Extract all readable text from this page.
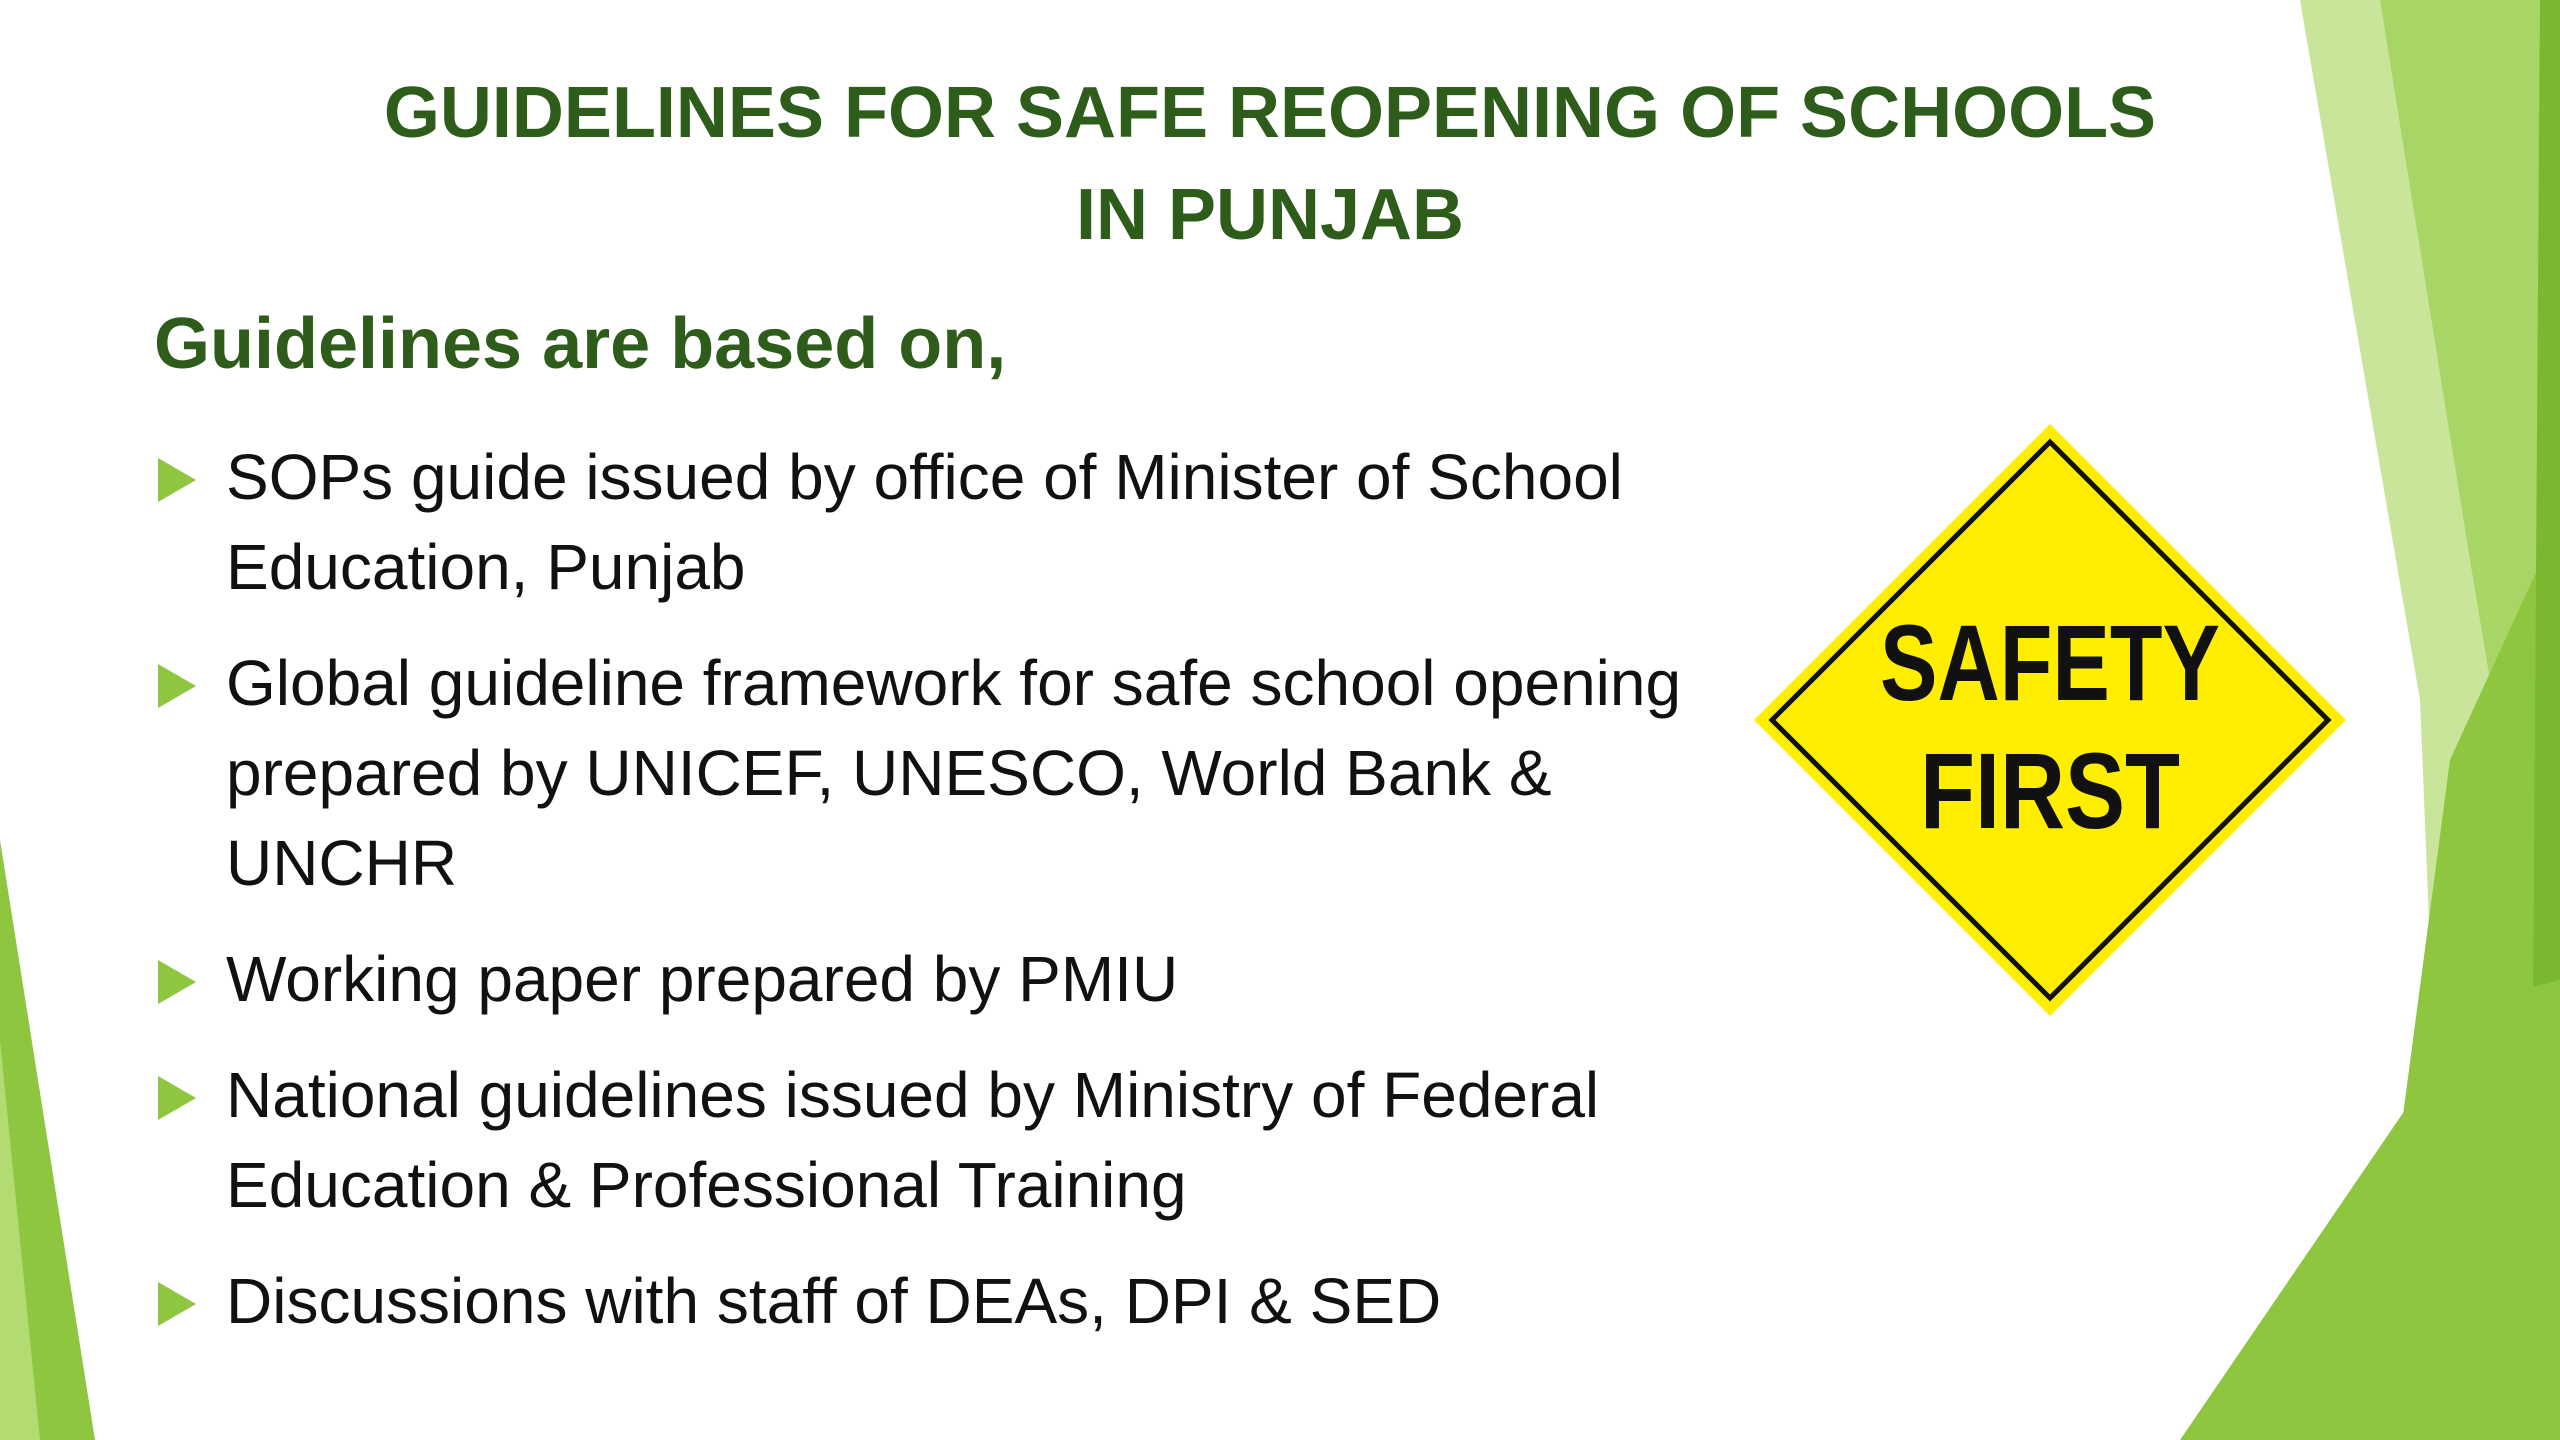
GUIDELINES FOR SAFE REOPENING OF SCHOOLS IN PUNJAB
Guidelines are based on,
SOPs guide issued by office of Minister of School Education, Punjab
Global guideline framework for safe school opening prepared by UNICEF, UNESCO, World Bank & UNCHR
Working paper prepared by PMIU
National guidelines issued by Ministry of Federal Education & Professional Training
Discussions with staff of DEAs, DPI & SED
SAFETY
FIRST
